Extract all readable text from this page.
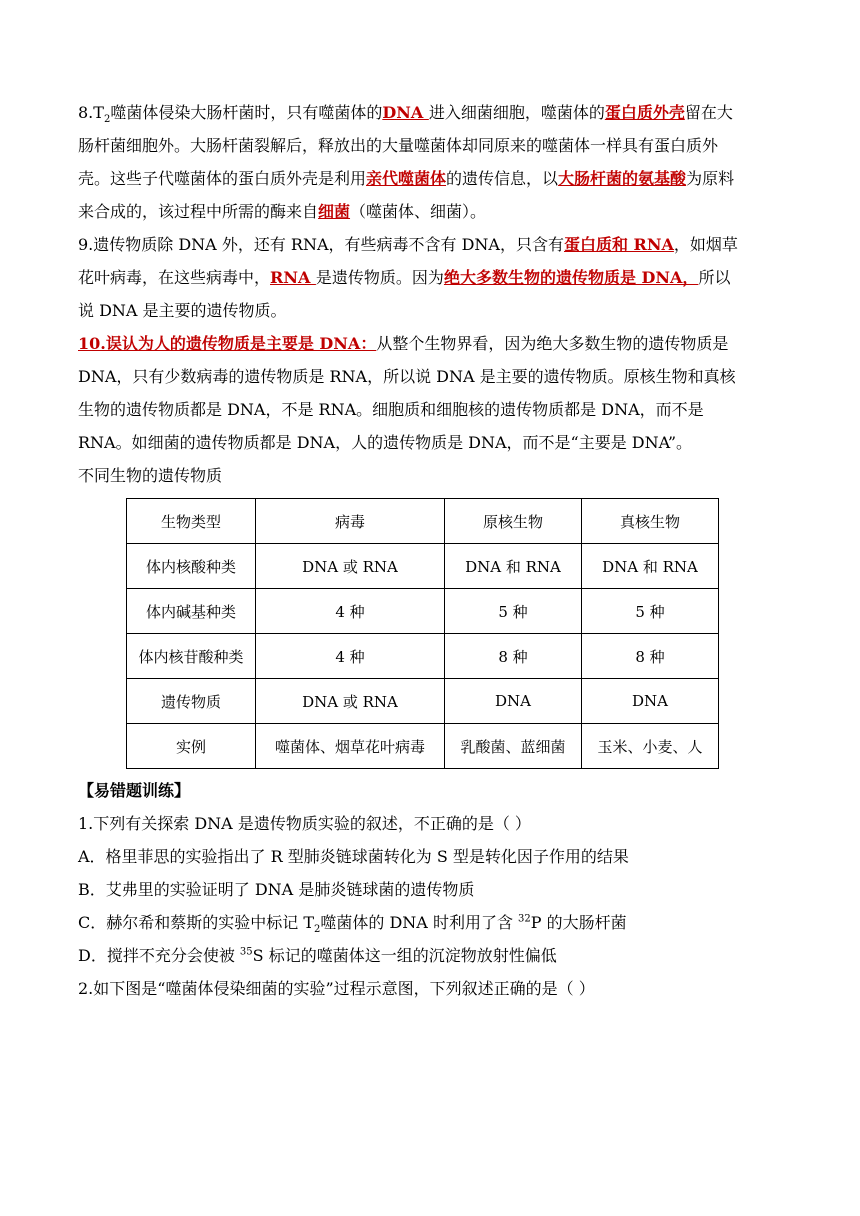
$8.T_2$噬菌体侵染大肠杆菌时，只有噬菌体的DNA 进入细菌细胞，噬菌体的蛋白质外壳留在大肠杆菌细胞外。大肠杆菌裂解后，释放出的大量噬菌体却同原来的噬菌体一样具有蛋白质外壳。这些子代噬菌体的蛋白质外壳是利用亲代噬菌体的遗传信息，以大肠杆菌的氨基酸为原料来合成的，该过程中所需的酶来自细菌（噬菌体、细菌）。

9.遗传物质除 DNA 外，还有 RNA，有些病毒不含有 DNA，只含有蛋白质和 RNA，如烟草花叶病毒，在这些病毒中，RNA 是遗传物质。因为绝大多数生物的遗传物质是 DNA，所以说 DNA 是主要的遗传物质。

10.误认为人的遗传物质是主要是 DNA：从整个生物界看，因为绝大多数生物的遗传物质是 DNA，只有少数病毒的遗传物质是 RNA，所以说 DNA 是主要的遗传物质。原核生物和真核生物的遗传物质都是 DNA，不是 RNA。细胞质和细胞核的遗传物质都是 DNA，而不是 RNA。如细菌的遗传物质都是 DNA，人的遗传物质是 DNA，而不是“主要是 DNA”。

不同生物的遗传物质
生物类型	病毒	原核生物	真核生物
体内核酸种类	DNA 或 RNA	DNA 和 RNA	DNA 和 RNA
体内碱基种类	4 种	5 种	5 种
体内核苷酸种类	4 种	8 种	8 种
遗传物质	DNA 或 RNA	DNA	DNA
实例	噬菌体、烟草花叶病毒	乳酸菌、蓝细菌	玉米、小麦、人
【易错题训练】
1.下列有关探索 DNA 是遗传物质实验的叙述，不正确的是（ ）
A．格里菲思的实验指出了 R 型肺炎链球菌转化为 S 型是转化因子作用的结果
B．艾弗里的实验证明了 DNA 是肺炎链球菌的遗传物质
C．赫尔希和蔡斯的实验中标记 $T_2$噬菌体的 DNA 时利用了含 $^{32}$P 的大肠杆菌
D．搅拌不充分会使被 $^{35}$S 标记的噬菌体这一组的沉淀物放射性偏低
2.如下图是“噬菌体侵染细菌的实验”过程示意图，下列叙述正确的是（ ）
